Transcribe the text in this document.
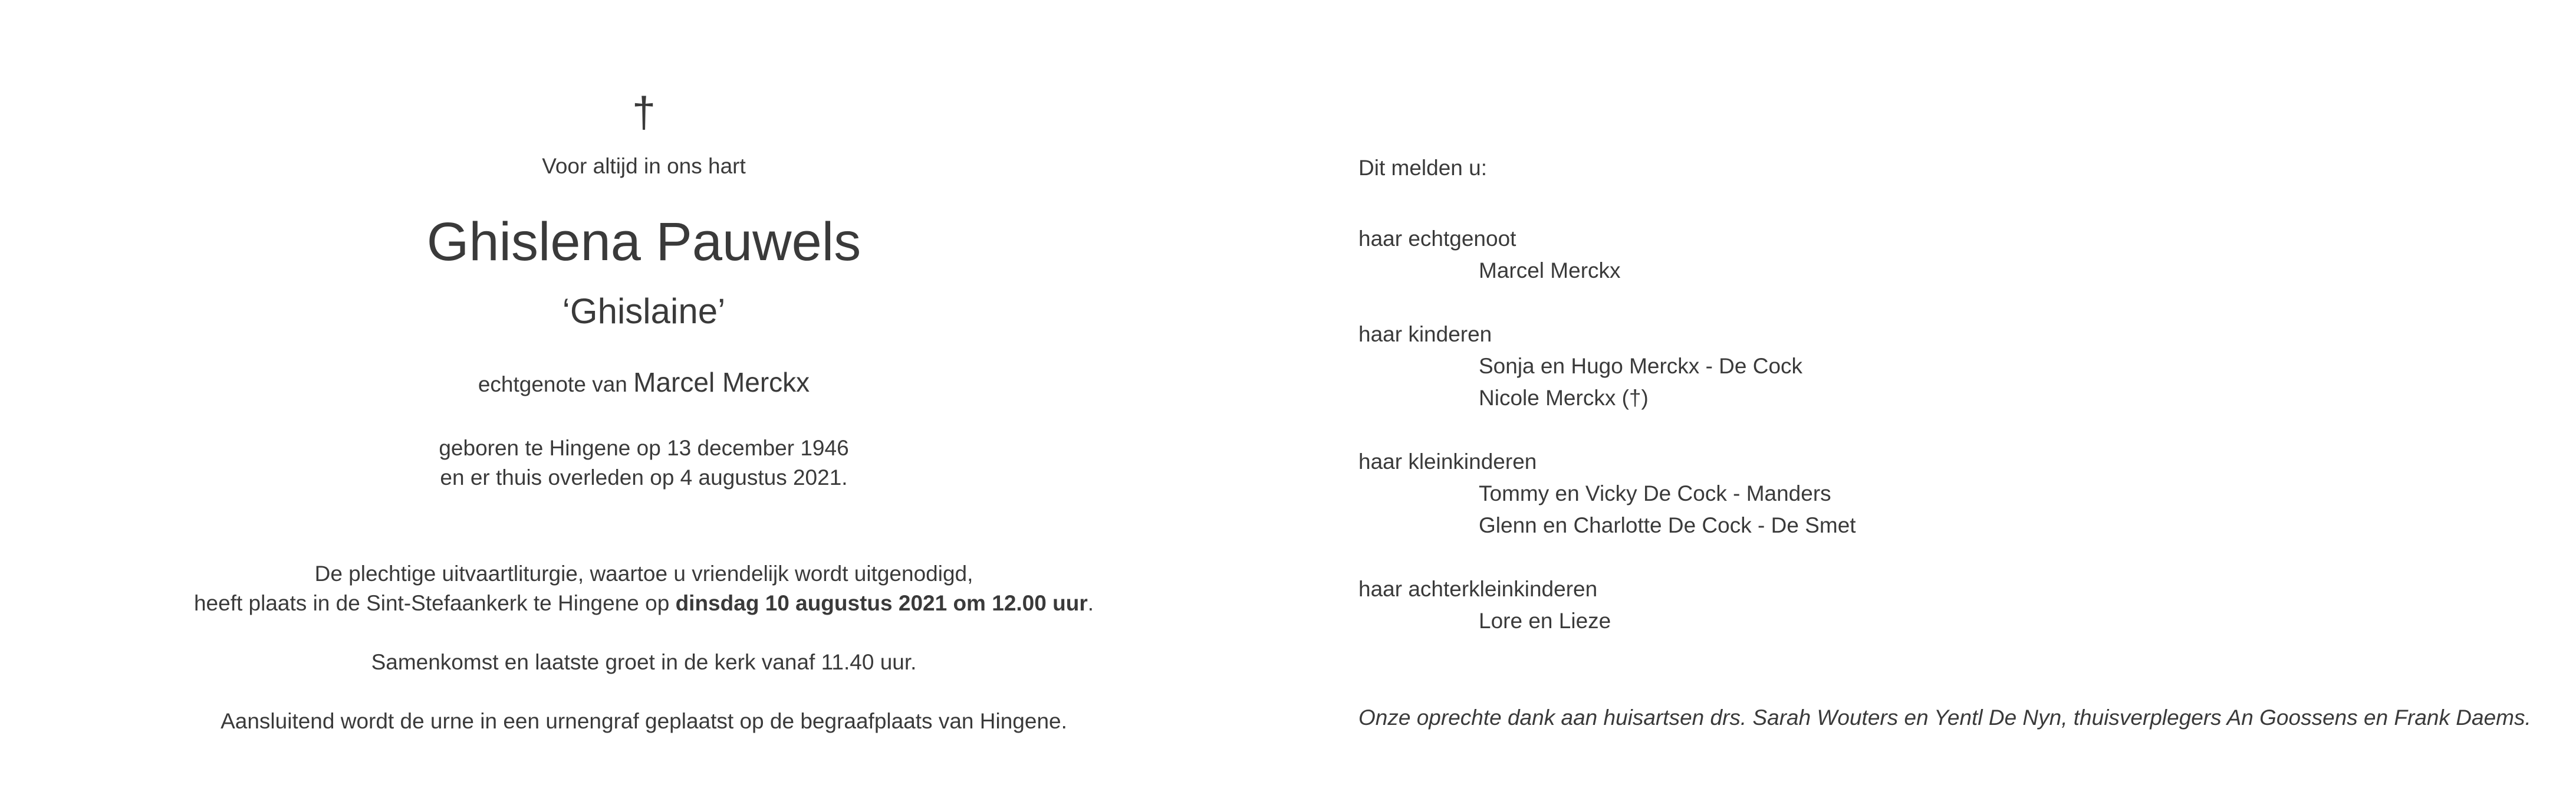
†
Voor altijd in ons hart
Ghislena Pauwels
‘Ghislaine’
echtgenote van Marcel Merckx
geboren te Hingene op 13 december 1946
en er thuis overleden op 4 augustus 2021.
De plechtige uitvaartliturgie, waartoe u vriendelijk wordt uitgenodigd,
heeft plaats in de Sint-Stefaankerk te Hingene op dinsdag 10 augustus 2021 om 12.00 uur.
Samenkomst en laatste groet in de kerk vanaf 11.40 uur.
Aansluitend wordt de urne in een urnengraf geplaatst op de begraafplaats van Hingene.
Dit melden u:
haar echtgenoot
Marcel Merckx
haar kinderen
Sonja en Hugo Merckx - De Cock
Nicole Merckx (†)
haar kleinkinderen
Tommy en Vicky De Cock - Manders
Glenn en Charlotte De Cock - De Smet
haar achterkleinkinderen
Lore en Lieze
Onze oprechte dank aan huisartsen drs. Sarah Wouters en Yentl De Nyn, thuisverplegers An Goossens en Frank Daems.
